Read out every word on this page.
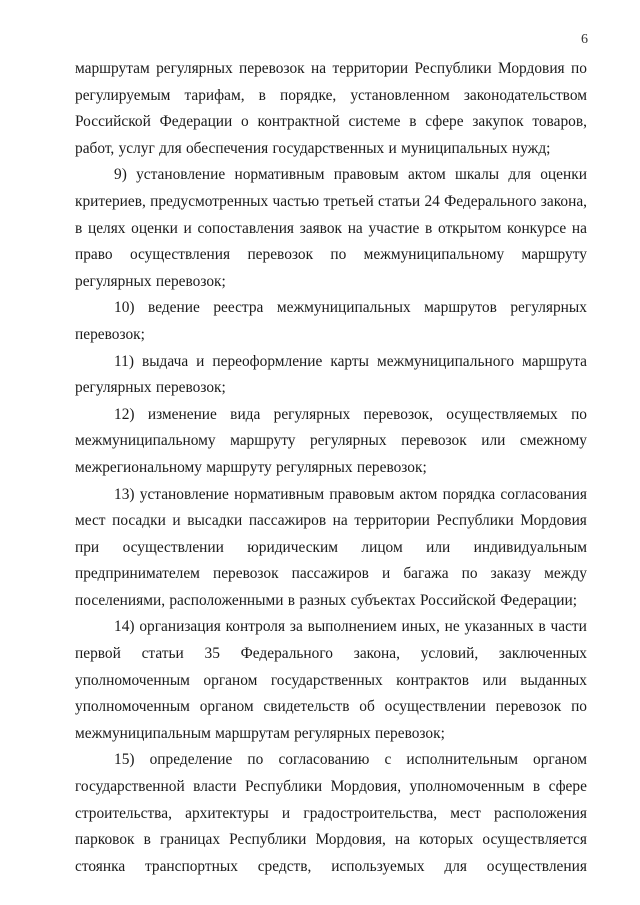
6
маршрутам регулярных перевозок на территории Республики Мордовия по
регулируемым тарифам, в порядке, установленном законодательством
Российской Федерации о контрактной системе в сфере закупок товаров,
работ, услуг для обеспечения государственных и муниципальных нужд;
9) установление нормативным правовым актом шкалы для оценки
критериев, предусмотренных частью третьей статьи 24 Федерального закона,
в целях оценки и сопоставления заявок на участие в открытом конкурсе на
право осуществления перевозок по межмуниципальному маршруту
регулярных перевозок;
10) ведение реестра межмуниципальных маршрутов регулярных
перевозок;
11) выдача и переоформление карты межмуниципального маршрута
регулярных перевозок;
12) изменение вида регулярных перевозок, осуществляемых по
межмуниципальному маршруту регулярных перевозок или смежному
межрегиональному маршруту регулярных перевозок;
13) установление нормативным правовым актом порядка согласования
мест посадки и высадки пассажиров на территории Республики Мордовия
при осуществлении юридическим лицом или индивидуальным
предпринимателем перевозок пассажиров и багажа по заказу между
поселениями, расположенными в разных субъектах Российской Федерации;
14) организация контроля за выполнением иных, не указанных в части
первой статьи 35 Федерального закона, условий, заключенных
уполномоченным органом государственных контрактов или выданных
уполномоченным органом свидетельств об осуществлении перевозок по
межмуниципальным маршрутам регулярных перевозок;
15) определение по согласованию с исполнительным органом
государственной власти Республики Мордовия, уполномоченным в сфере
строительства, архитектуры и градостроительства, мест расположения
парковок в границах Республики Мордовия, на которых осуществляется
стоянка транспортных средств, используемых для осуществления
